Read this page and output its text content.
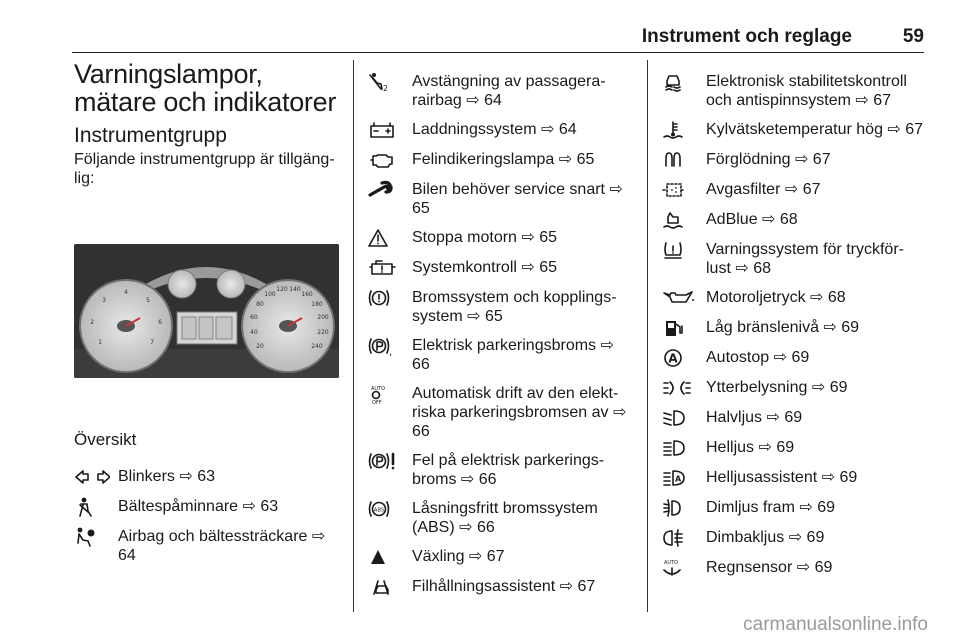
Instrument och reglage	59
Varningslampor, mätare och indikatorer
Instrumentgrupp
Följande instrumentgrupp är tillgäng-lig:
1
2
3
4
5
6
7
20
40
60
80
100
120 140
160
180
200
220
240
Översikt
Blinkers ⇨ 63
Bältespåminnare ⇨ 63
Airbag och bältessträckare ⇨ 64
2 Avstängning av passagera-rairbag ⇨ 64
Laddningssystem ⇨ 64
Felindikeringslampa ⇨ 65
Bilen behöver service snart ⇨ 65
Stoppa motorn ⇨ 65
Systemkontroll ⇨ 65
Bromssystem och kopplings-system ⇨ 65
, Elektrisk parkeringsbroms ⇨ 66
AUTO
OFF
Automatisk drift av den elekt-riska parkeringsbromsen av ⇨ 66
Fel på elektrisk parkerings-broms ⇨ 66
ABS Låsningsfritt bromssystem (ABS) ⇨ 66
Växling ⇨ 67
Filhållningsassistent ⇨ 67
Elektronisk stabilitetskontroll och antispinnsystem ⇨ 67
Kylvätsketemperatur hög ⇨ 67
Förglödning ⇨ 67
Avgasfilter ⇨ 67
AdBlue ⇨ 68
Varningssystem för tryckför-lust ⇨ 68
Motoroljetryck ⇨ 68
Låg bränslenivå ⇨ 69
A Autostop ⇨ 69
Ytterbelysning ⇨ 69
Halvljus ⇨ 69
Helljus ⇨ 69
A Helljusassistent ⇨ 69
Dimljus fram ⇨ 69
Dimbakljus ⇨ 69
AUTO Regnsensor ⇨ 69
carmanualsonline.info
